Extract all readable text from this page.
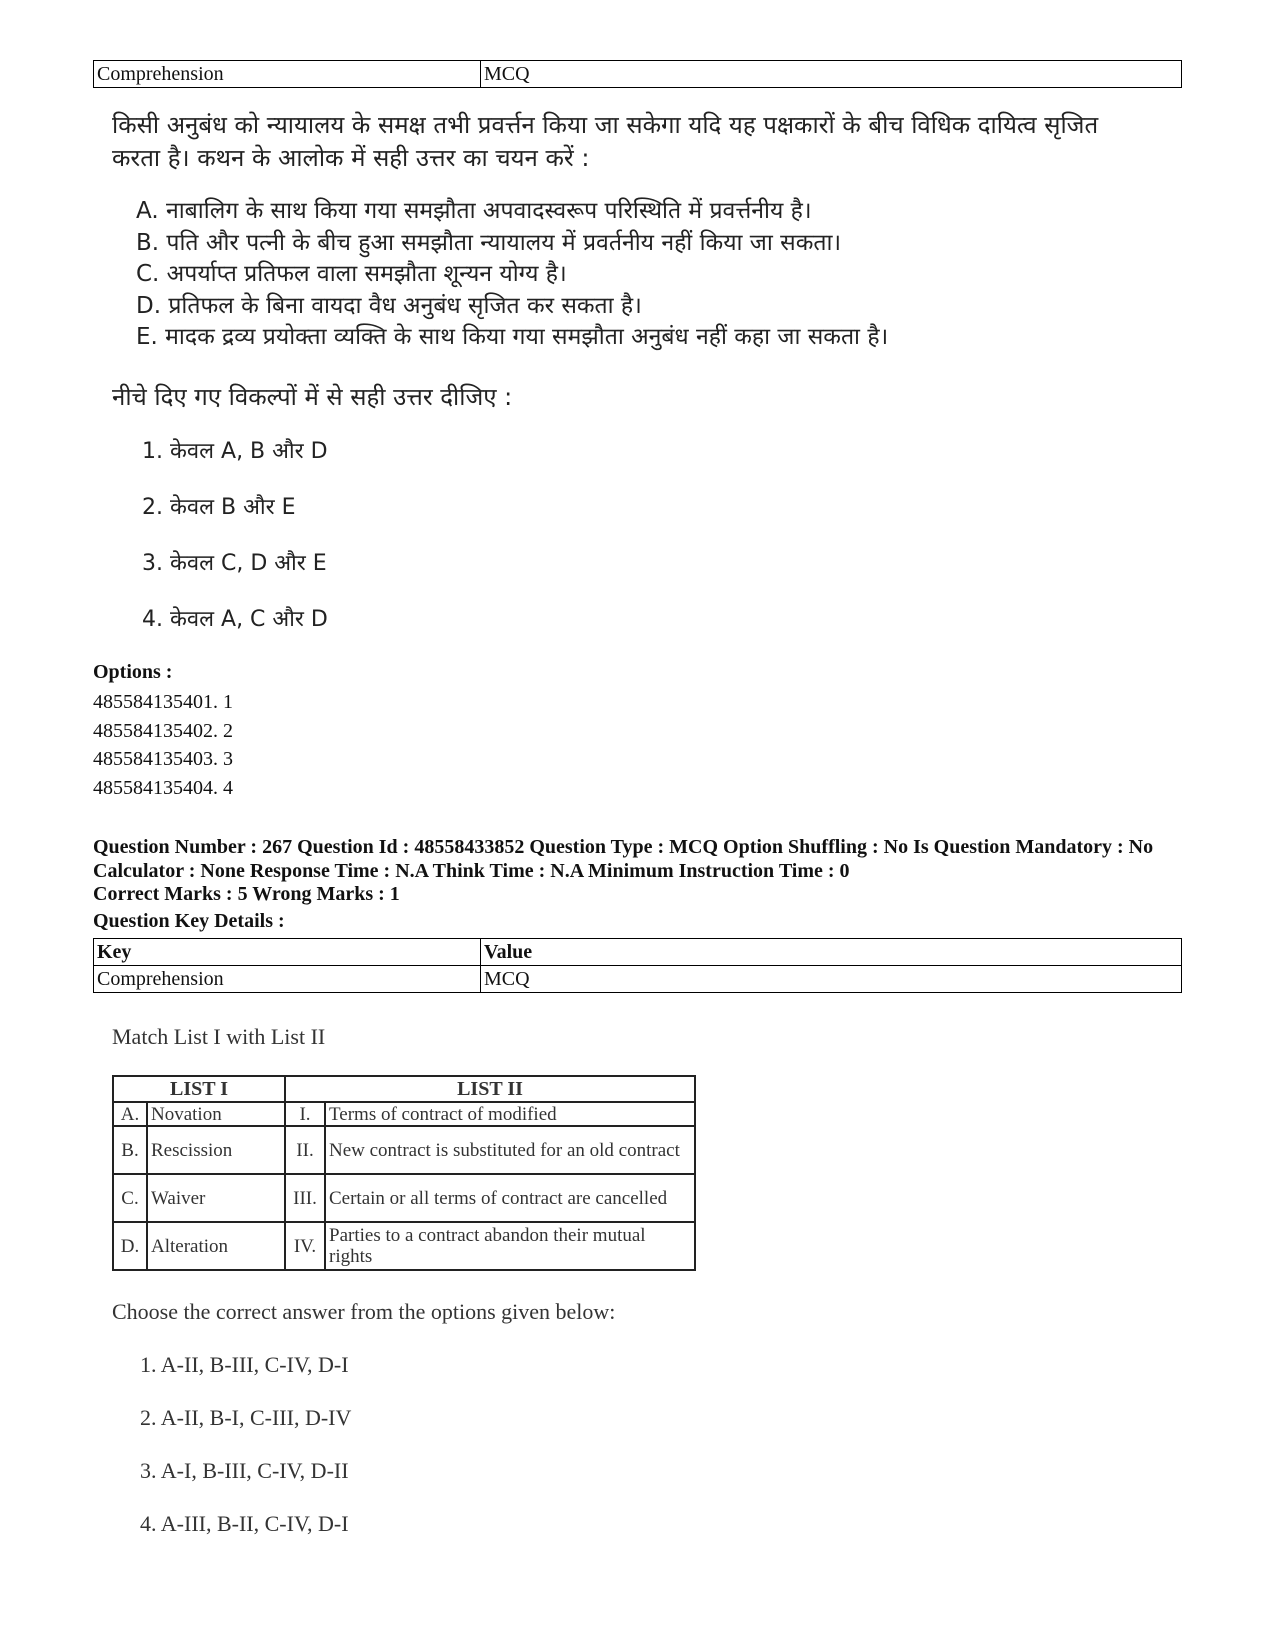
Comprehension	MCQ
किसी अनुबंध को न्यायालय के समक्ष तभी प्रवर्त्तन किया जा सकेगा यदि यह पक्षकारों के बीच विधिक दायित्व सृजित करता है। कथन के आलोक में सही उत्तर का चयन करें :
A. नाबालिग के साथ किया गया समझौता अपवादस्वरूप परिस्थिति में प्रवर्त्तनीय है।
B. पति और पत्नी के बीच हुआ समझौता न्यायालय में प्रवर्तनीय नहीं किया जा सकता।
C. अपर्याप्त प्रतिफल वाला समझौता शून्यन योग्य है।
D. प्रतिफल के बिना वायदा वैध अनुबंध सृजित कर सकता है।
E. मादक द्रव्य प्रयोक्ता व्यक्ति के साथ किया गया समझौता अनुबंध नहीं कहा जा सकता है।
नीचे दिए गए विकल्पों में से सही उत्तर दीजिए :
1. केवल A, B और D
2. केवल B और E
3. केवल C, D और E
4. केवल A, C और D
Options :
485584135401. 1
485584135402. 2
485584135403. 3
485584135404. 4
Question Number : 267 Question Id : 48558433852 Question Type : MCQ Option Shuffling : No Is Question Mandatory : No Calculator : None Response Time : N.A Think Time : N.A Minimum Instruction Time : 0
Correct Marks : 5 Wrong Marks : 1
Question Key Details :
Key	Value
Comprehension	MCQ
Match List I with List II
LIST I		LIST II	
A.	Novation	I.	Terms of contract of modified
B.	Rescission	II.	New contract is substituted for an old contract
C.	Waiver	III.	Certain or all terms of contract are cancelled
D.	Alteration	IV.	Parties to a contract abandon their mutual rights
Choose the correct answer from the options given below:
1. A-II, B-III, C-IV, D-I
2. A-II, B-I, C-III, D-IV
3. A-I, B-III, C-IV, D-II
4. A-III, B-II, C-IV, D-I
